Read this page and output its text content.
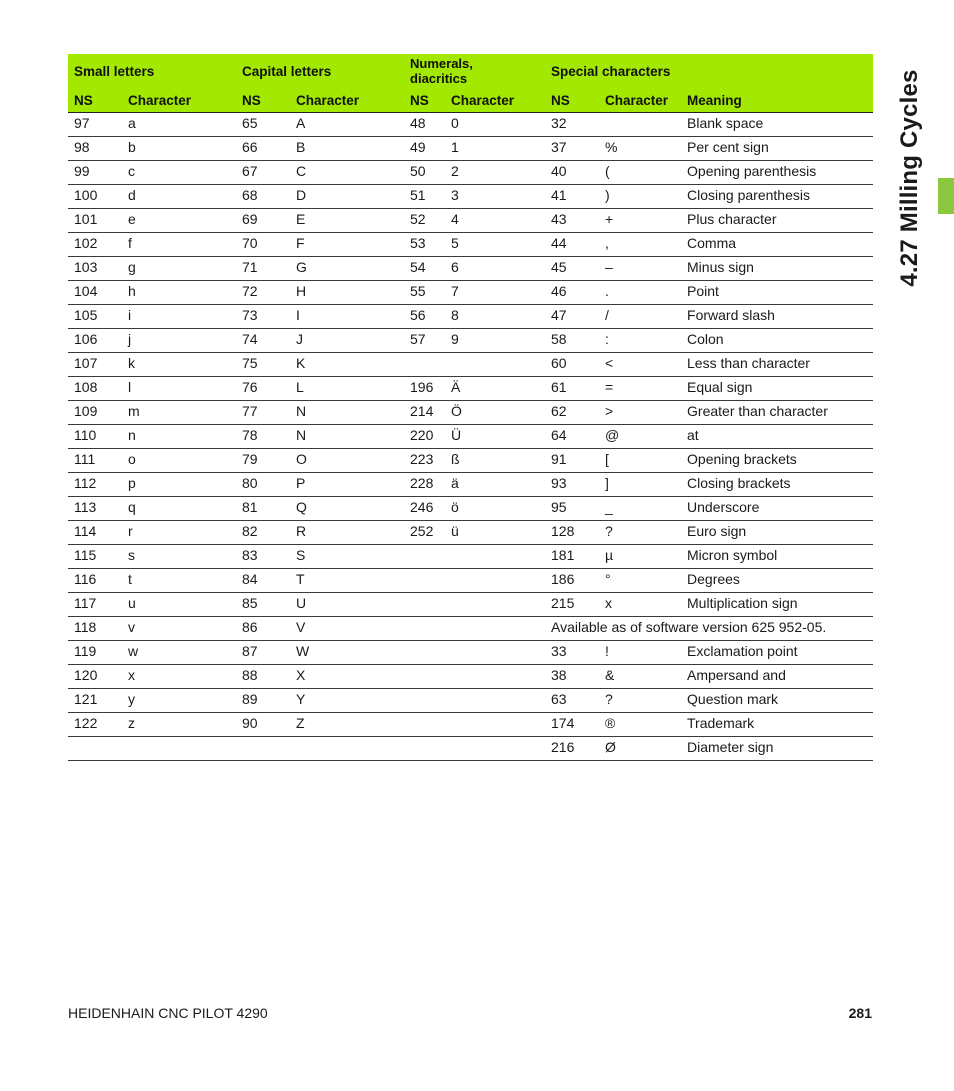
4.27 Milling Cycles
Small letters		Capital letters		Numerals, diacritics		Special characters		
NS	Character	NS	Character	NS	Character	NS	Character	Meaning
97	a	65	A	48	0	32		Blank space
98	b	66	B	49	1	37	%	Per cent sign
99	c	67	C	50	2	40	(	Opening parenthesis
100	d	68	D	51	3	41	)	Closing parenthesis
101	e	69	E	52	4	43	+	Plus character
102	f	70	F	53	5	44	,	Comma
103	g	71	G	54	6	45	–	Minus sign
104	h	72	H	55	7	46	.	Point
105	i	73	I	56	8	47	/	Forward slash
106	j	74	J	57	9	58	:	Colon
107	k	75	K			60	<	Less than character
108	l	76	L	196	Ä	61	=	Equal sign
109	m	77	N	214	Ö	62	>	Greater than character
110	n	78	N	220	Ü	64	@	at
111	o	79	O	223	ß	91	[	Opening brackets
112	p	80	P	228	ä	93	]	Closing brackets
113	q	81	Q	246	ö	95	_	Underscore
114	r	82	R	252	ü	128	?	Euro sign
115	s	83	S			181	µ	Micron symbol
116	t	84	T			186	°	Degrees
117	u	85	U			215	x	Multiplication sign
118	v	86	V			Available as of software version 625 952-05.		
119	w	87	W			33	!	Exclamation point
120	x	88	X			38	&	Ampersand and
121	y	89	Y			63	?	Question mark
122	z	90	Z			174	®	Trademark
						216	Ø	Diameter sign
HEIDENHAIN CNC PILOT 4290	281
